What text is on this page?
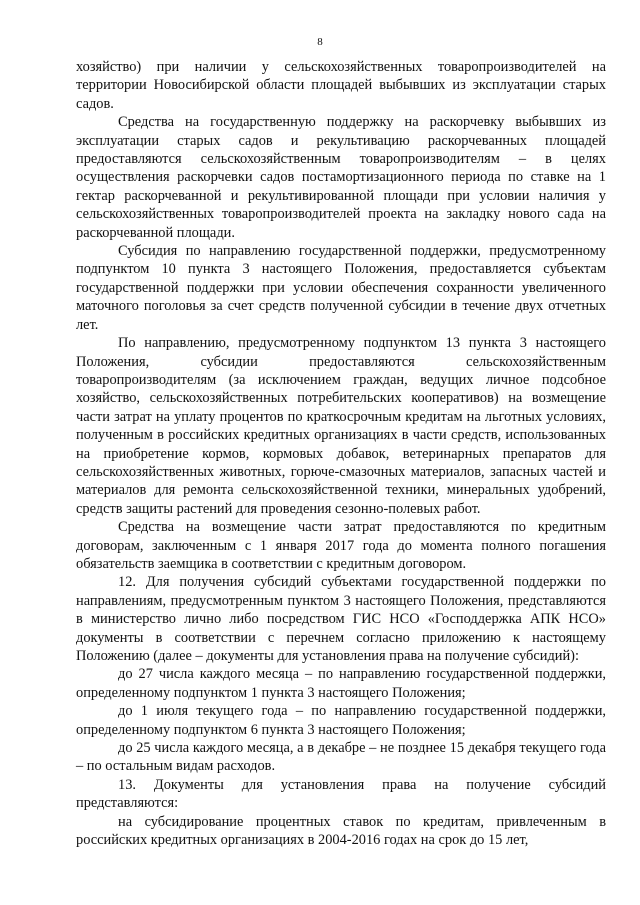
8

хозяйство) при наличии у сельскохозяйственных товаропроизводителей на территории Новосибирской области площадей выбывших из эксплуатации старых садов.

Средства на государственную поддержку на раскорчевку выбывших из эксплуатации старых садов и рекультивацию раскорчеванных площадей предоставляются сельскохозяйственным товаропроизводителям – в целях осуществления раскорчевки садов постамортизационного периода по ставке на 1 гектар раскорчеванной и рекультивированной площади при условии наличия у сельскохозяйственных товаропроизводителей проекта на закладку нового сада на раскорчеванной площади.

Субсидия по направлению государственной поддержки, предусмотренному подпунктом 10 пункта 3 настоящего Положения, предоставляется субъектам государственной поддержки при условии обеспечения сохранности увеличенного маточного поголовья за счет средств полученной субсидии в течение двух отчетных лет.

По направлению, предусмотренному подпунктом 13 пункта 3 настоящего Положения, субсидии предоставляются сельскохозяйственным товаропроизводителям (за исключением граждан, ведущих личное подсобное хозяйство, сельскохозяйственных потребительских кооперативов) на возмещение части затрат на уплату процентов по краткосрочным кредитам на льготных условиях, полученным в российских кредитных организациях в части средств, использованных на приобретение кормов, кормовых добавок, ветеринарных препаратов для сельскохозяйственных животных, горюче-смазочных материалов, запасных частей и материалов для ремонта сельскохозяйственной техники, минеральных удобрений, средств защиты растений для проведения сезонно-полевых работ.

Средства на возмещение части затрат предоставляются по кредитным договорам, заключенным с 1 января 2017 года до момента полного погашения обязательств заемщика в соответствии с кредитным договором.

12. Для получения субсидий субъектами государственной поддержки по направлениям, предусмотренным пунктом 3 настоящего Положения, представляются в министерство лично либо посредством ГИС НСО «Господдержка АПК НСО» документы в соответствии с перечнем согласно приложению к настоящему Положению (далее – документы для установления права на получение субсидий):

до 27 числа каждого месяца – по направлению государственной поддержки, определенному подпунктом 1 пункта 3 настоящего Положения;

до 1 июля текущего года – по направлению государственной поддержки, определенному подпунктом 6 пункта 3 настоящего Положения;

до 25 числа каждого месяца, а в декабре – не позднее 15 декабря текущего года – по остальным видам расходов.

13. Документы для установления права на получение субсидий представляются:

на субсидирование процентных ставок по кредитам, привлеченным в российских кредитных организациях в 2004-2016 годах на срок до 15 лет,
